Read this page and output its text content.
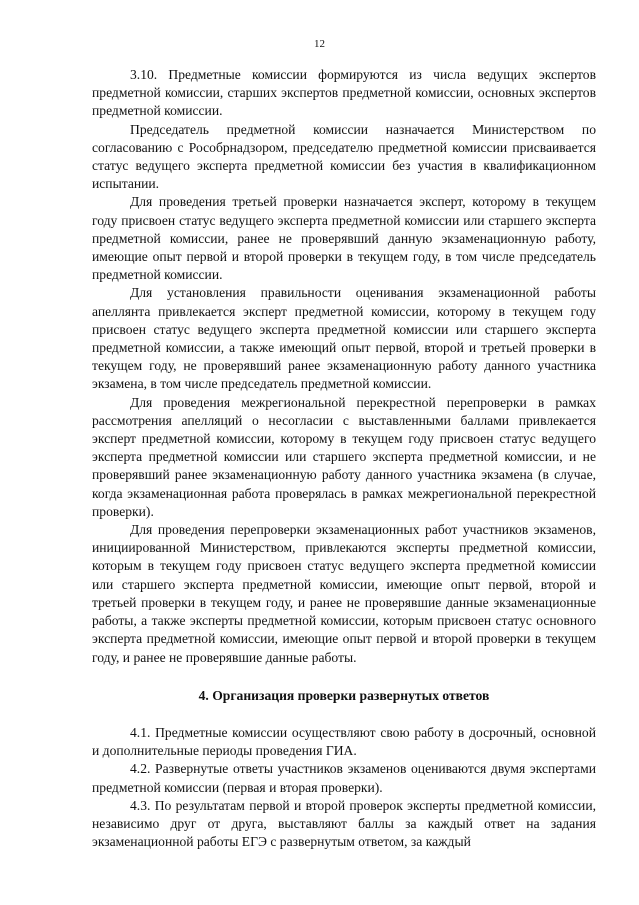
12

3.10. Предметные комиссии формируются из числа ведущих экспертов предметной комиссии, старших экспертов предметной комиссии, основных экспертов предметной комиссии.

Председатель предметной комиссии назначается Министерством по согласованию с Рособрнадзором, председателю предметной комиссии присваивается статус ведущего эксперта предметной комиссии без участия в квалификационном испытании.

Для проведения третьей проверки назначается эксперт, которому в текущем году присвоен статус ведущего эксперта предметной комиссии или старшего эксперта предметной комиссии, ранее не проверявший данную экзаменационную работу, имеющие опыт первой и второй проверки в текущем году, в том числе председатель предметной комиссии.

Для установления правильности оценивания экзаменационной работы апеллянта привлекается эксперт предметной комиссии, которому в текущем году присвоен статус ведущего эксперта предметной комиссии или старшего эксперта предметной комиссии, а также имеющий опыт первой, второй и третьей проверки в текущем году, не проверявший ранее экзаменационную работу данного участника экзамена, в том числе председатель предметной комиссии.

Для проведения межрегиональной перекрестной перепроверки в рамках рассмотрения апелляций о несогласии с выставленными баллами привлекается эксперт предметной комиссии, которому в текущем году присвоен статус ведущего эксперта предметной комиссии или старшего эксперта предметной комиссии, и не проверявший ранее экзаменационную работу данного участника экзамена (в случае, когда экзаменационная работа проверялась в рамках межрегиональной перекрестной проверки).

Для проведения перепроверки экзаменационных работ участников экзаменов, инициированной Министерством, привлекаются эксперты предметной комиссии, которым в текущем году присвоен статус ведущего эксперта предметной комиссии или старшего эксперта предметной комиссии, имеющие опыт первой, второй и третьей проверки в текущем году, и ранее не проверявшие данные экзаменационные работы, а также эксперты предметной комиссии, которым присвоен статус основного эксперта предметной комиссии, имеющие опыт первой и второй проверки в текущем году, и ранее не проверявшие данные работы.

4. Организация проверки развернутых ответов

4.1. Предметные комиссии осуществляют свою работу в досрочный, основной и дополнительные периоды проведения ГИА.

4.2. Развернутые ответы участников экзаменов оцениваются двумя экспертами предметной комиссии (первая и вторая проверки).

4.3. По результатам первой и второй проверок эксперты предметной комиссии, независимо друг от друга, выставляют баллы за каждый ответ на задания экзаменационной работы ЕГЭ с развернутым ответом, за каждый
